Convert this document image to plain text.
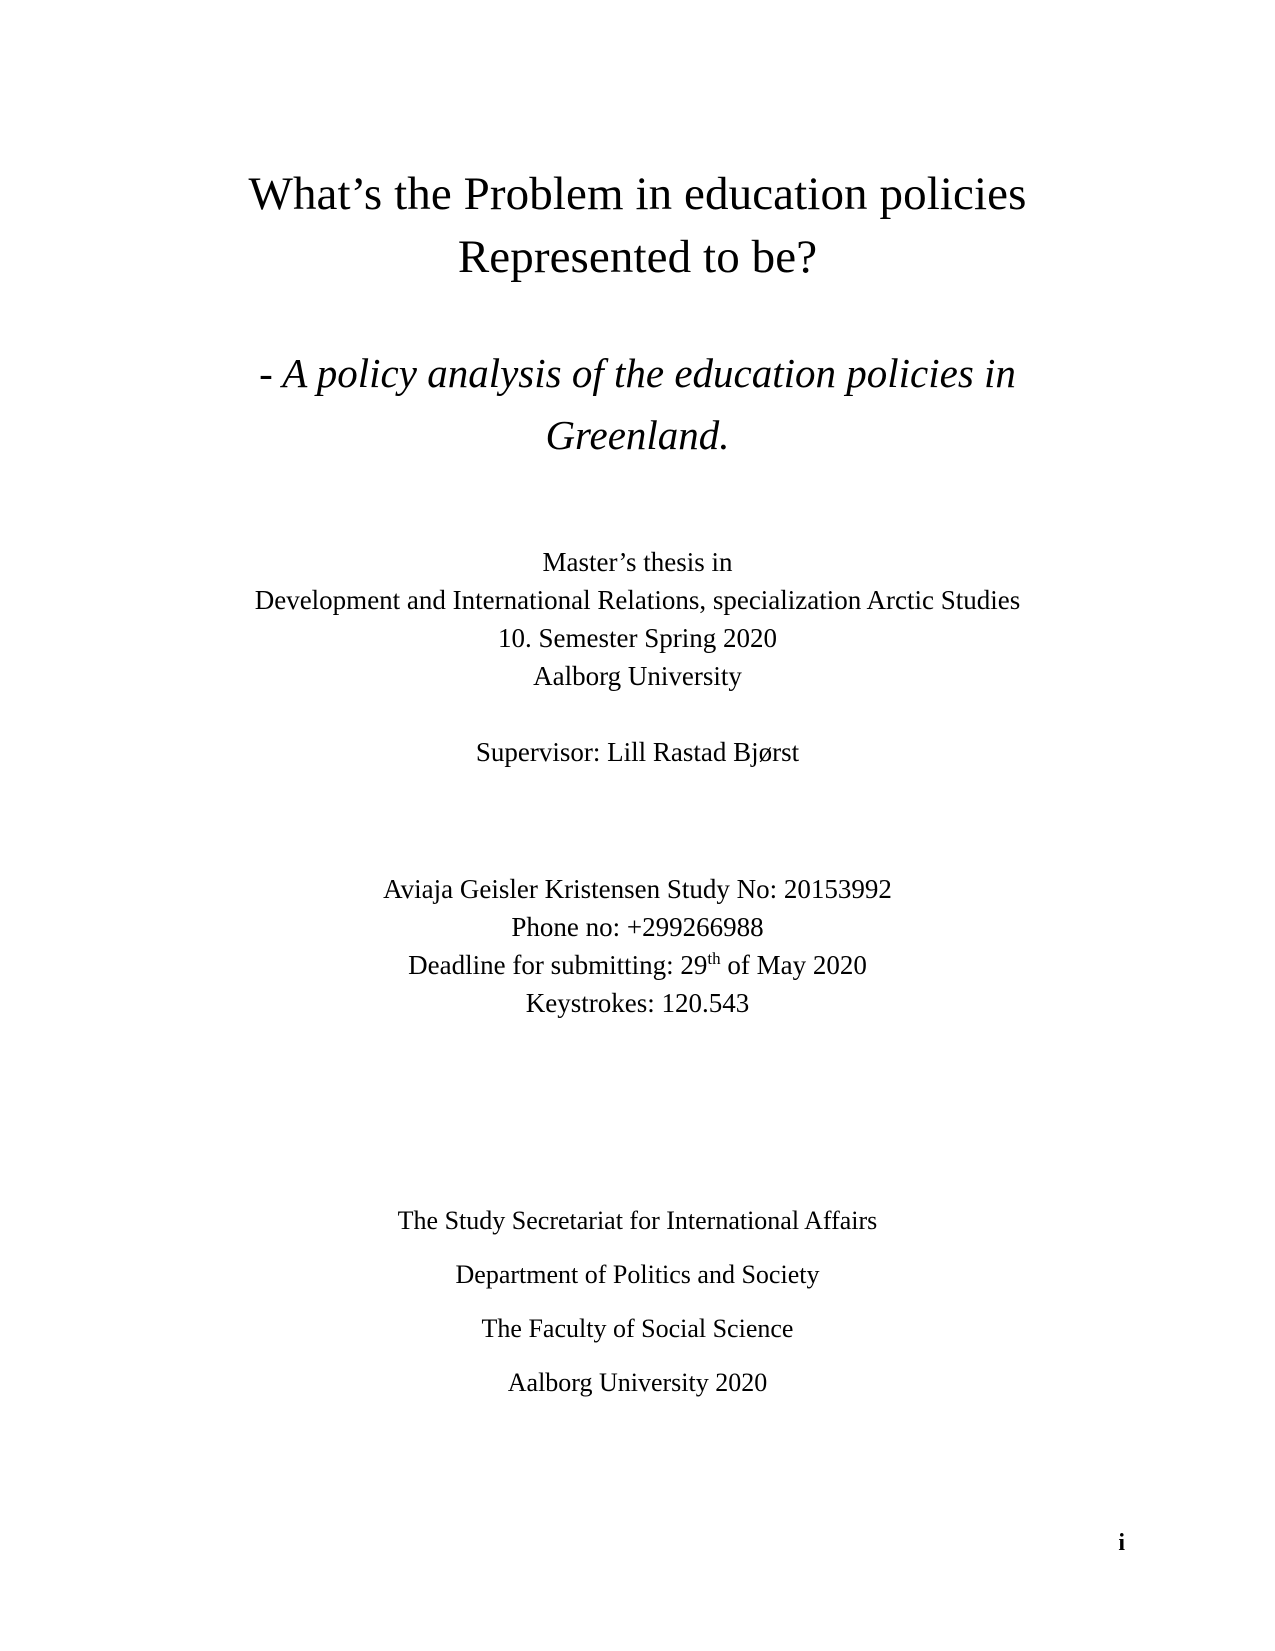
What’s the Problem in education policies
Represented to be?
- A policy analysis of the education policies in
Greenland.
Master’s thesis in
Development and International Relations, specialization Arctic Studies
10. Semester Spring 2020
Aalborg University
Supervisor: Lill Rastad Bjørst
Aviaja Geisler Kristensen Study No: 20153992
Phone no: +299266988
Deadline for submitting: 29th of May 2020
Keystrokes: 120.543
The Study Secretariat for International Affairs
Department of Politics and Society
The Faculty of Social Science
Aalborg University 2020
i
